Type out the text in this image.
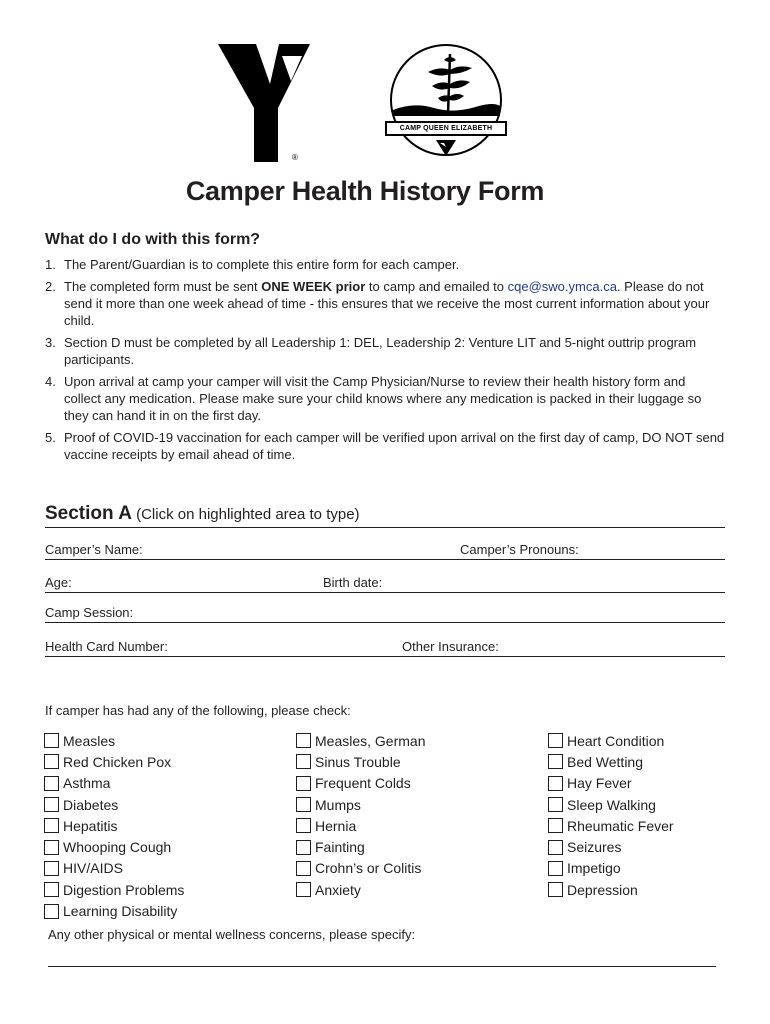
®
CAMP QUEEN ELIZABETH
Camper Health History Form
What do I do with this form?
1. The Parent/Guardian is to complete this entire form for each camper.
2. The completed form must be sent ONE WEEK prior to camp and emailed to cqe@swo.ymca.ca. Please do not send it more than one week ahead of time - this ensures that we receive the most current information about your child.
3. Section D must be completed by all Leadership 1: DEL, Leadership 2: Venture LIT and 5-night outtrip program participants.
4. Upon arrival at camp your camper will visit the Camp Physician/Nurse to review their health history form and collect any medication. Please make sure your child knows where any medication is packed in their luggage so they can hand it in on the first day.
5. Proof of COVID-19 vaccination for each camper will be verified upon arrival on the first day of camp, DO NOT send vaccine receipts by email ahead of time.
Section A (Click on highlighted area to type)
Camper’s Name:	Camper’s Pronouns:
Age:	Birth date:
Camp Session:
Health Card Number:	Other Insurance:
If camper has had any of the following, please check:
Measles
Red Chicken Pox
Asthma
Diabetes
Hepatitis
Whooping Cough
HIV/AIDS
Digestion Problems
Learning Disability
Measles, German
Sinus Trouble
Frequent Colds
Mumps
Hernia
Fainting
Crohn’s or Colitis
Anxiety
Heart Condition
Bed Wetting
Hay Fever
Sleep Walking
Rheumatic Fever
Seizures
Impetigo
Depression
Any other physical or mental wellness concerns, please specify:
